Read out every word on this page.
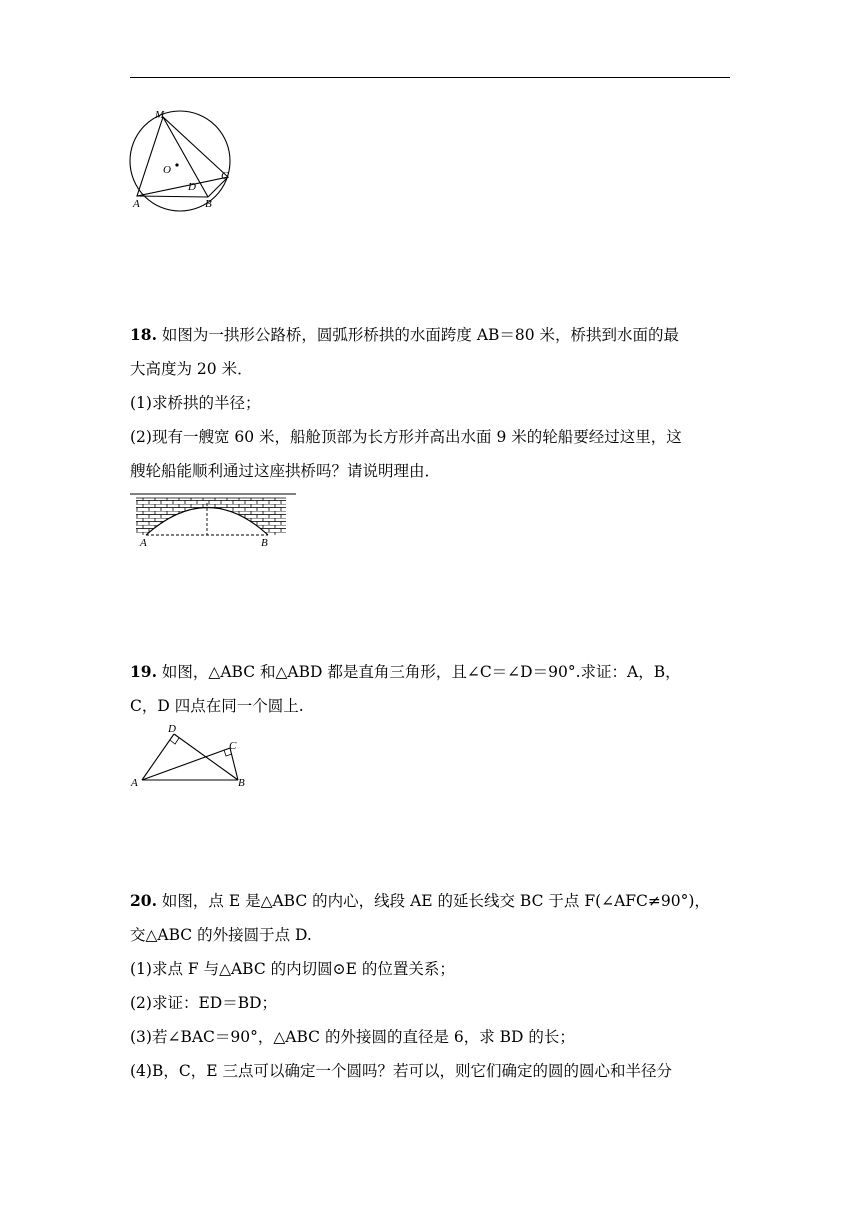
M
O	C
D
A	B

18. 如图为一拱形公路桥，圆弧形桥拱的水面跨度 AB＝80 米，桥拱到水面的最

大高度为 20 米．

(1)求桥拱的半径；

(2)现有一艘宽 60 米，船舱顶部为长方形并高出水面 9 米的轮船要经过这里，这

艘轮船能顺利通过这座拱桥吗？请说明理由．

A	B

19. 如图，△ABC 和△ABD 都是直角三角形，且∠C＝∠D＝90°.求证：A，B，

C，D 四点在同一个圆上.

D
C
A	B

20. 如图，点 E 是△ABC 的内心，线段 AE 的延长线交 BC 于点 F(∠AFC≠90°)，

交△ABC 的外接圆于点 D.

(1)求点 F 与△ABC 的内切圆⊙E 的位置关系；

(2)求证：ED＝BD；

(3)若∠BAC＝90°，△ABC 的外接圆的直径是 6，求 BD 的长；

(4)B，C，E 三点可以确定一个圆吗？若可以，则它们确定的圆的圆心和半径分
